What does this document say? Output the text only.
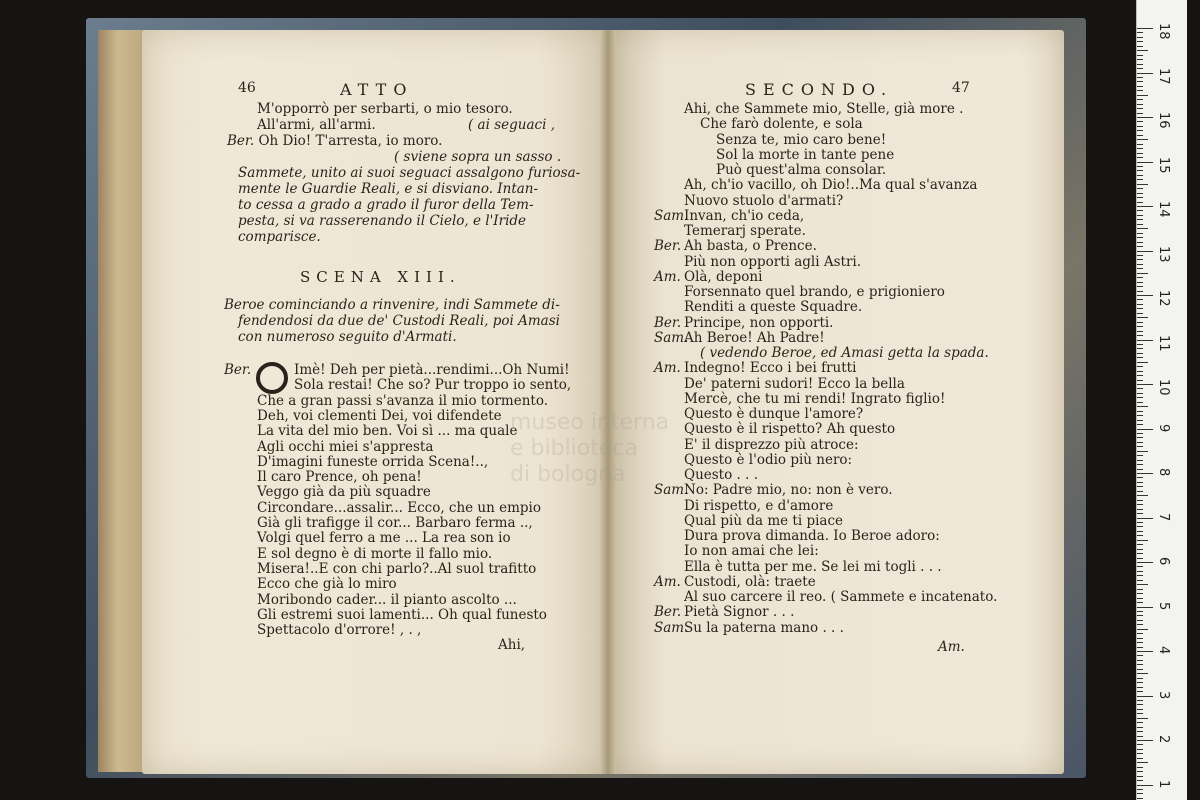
46	ATTO
M'opporrò per serbarti, o mio tesoro.
All'armi, all'armi.	( ai seguaci ,
Ber. Oh Dio! T'arresta, io moro.
( sviene sopra un sasso .
Sammete, unito ai suoi seguaci assalgono furiosa-
mente le Guardie Reali, e si disviano. Intan-
to cessa a grado a grado il furor della Tem-
pesta, si va rasserenando il Cielo, e l'Iride
comparisce.
SCENA XIII.
Beroe cominciando a rinvenire, indi Sammete di-
fendendosi da due de' Custodi Reali, poi Amasi
con numeroso seguito d'Armati.
Ber.	Imè! Deh per pietà...rendimi...Oh Numi!
Sola restai! Che so? Pur troppo io sento,
Che a gran passi s'avanza il mio tormento.
Deh, voi clementi Dei, voi difendete
La vita del mio ben. Voi sì ... ma quale
Agli occhi miei s'appresta
D'imagini funeste orrida Scena!..,
Il caro Prence, oh pena!
Veggo già da più squadre
Circondare...assalir... Ecco, che un empio
Già gli trafigge il cor... Barbaro ferma ..,
Volgi quel ferro a me ... La rea son io
E sol degno è di morte il fallo mio.
Misera!..E con chi parlo?..Al suol trafitto
Ecco che già lo miro
Moribondo cader... il pianto ascolto ...
Gli estremi suoi lamenti... Oh qual funesto
Spettacolo d'orrore! , . ,
Ahi,
SECONDO.	47
Ahi, che Sammete mio, Stelle, già more .
Che farò dolente, e sola
Senza te, mio caro bene!
Sol la morte in tante pene
Può quest'alma consolar.
Ah, ch'io vacillo, oh Dio!..Ma qual s'avanza
Nuovo stuolo d'armati?
Sam.Invan, ch'io ceda,
Temerarj sperate.
Ber. Ah basta, o Prence.
Più non opporti agli Astri.
Am. Olà, deponi
Forsennato quel brando, e prigioniero
Renditi a queste Squadre.
Ber. Principe, non opporti.
Sam.Ah Beroe! Ah Padre!
( vedendo Beroe, ed Amasi getta la spada.
Am. Indegno! Ecco i bei frutti
De' paterni sudori! Ecco la bella
Mercè, che tu mi rendi! Ingrato figlio!
Questo è dunque l'amore?
Questo è il rispetto? Ah questo
E' il disprezzo più atroce:
Questo è l'odio più nero:
Questo . . .
Sam.No: Padre mio, no: non è vero.
Di rispetto, e d'amore
Qual più da me ti piace
Dura prova dimanda. Io Beroe adoro:
Io non amai che lei:
Ella è tutta per me. Se lei mi togli . . .
Am. Custodi, olà: traete
Al suo carcere il reo. ( Sammete e incatenato.
Ber. Pietà Signor . . .
Sam.Su la paterna mano . . .
Am.
museo interna
e biblioteca
di bologna
18
17
16
15
14
13
12
11
10
9
8
7
6
5
4
3
2
1
